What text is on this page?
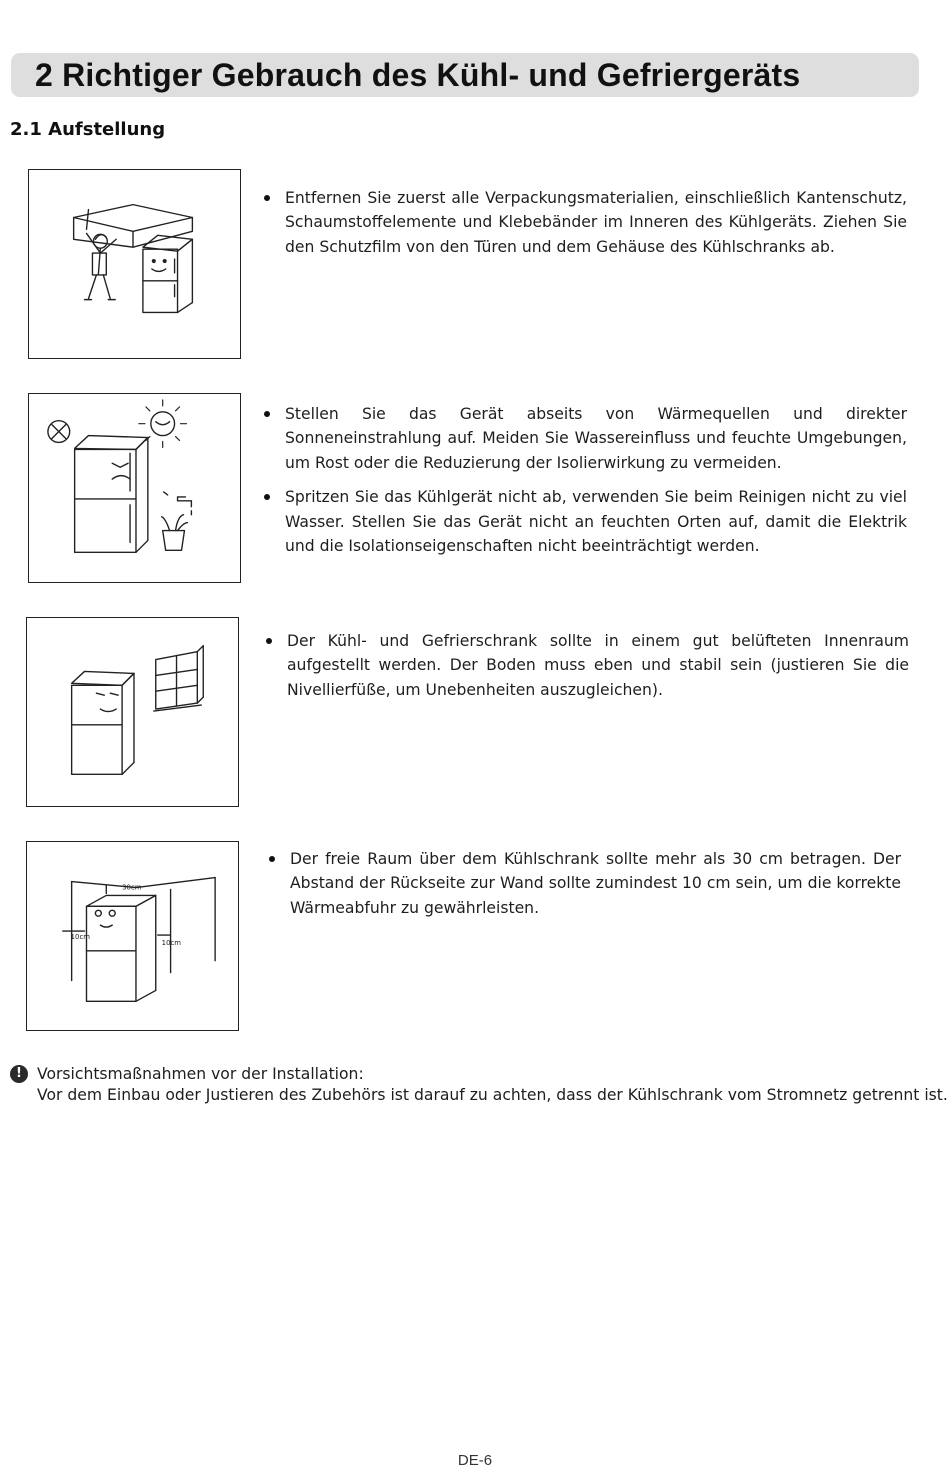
2 Richtiger Gebrauch des Kühl- und Gefriergeräts
2.1 Aufstellung
Entfernen Sie zuerst alle Verpackungsmaterialien, einschließlich Kantenschutz, Schaumstoffelemente und Klebebänder im Inneren des Kühlgeräts. Ziehen Sie den Schutzfilm von den Türen und dem Gehäuse des Kühlschranks ab.
Stellen Sie das Gerät abseits von Wärmequellen und direkter Sonneneinstrahlung auf. Meiden Sie Wassereinfluss und feuchte Umgebungen, um Rost oder die Reduzierung der Isolierwirkung zu vermeiden.
Spritzen Sie das Kühlgerät nicht ab, verwenden Sie beim Reinigen nicht zu viel Wasser. Stellen Sie das Gerät nicht an feuchten Orten auf, damit die Elektrik und die Isolationseigenschaften nicht beeinträchtigt werden.
Der Kühl- und Gefrierschrank sollte in einem gut belüfteten Innenraum aufgestellt werden. Der Boden muss eben und stabil sein (justieren Sie die Nivellierfüße, um Unebenheiten auszugleichen).
30cm
10cm
10cm
Der freie Raum über dem Kühlschrank sollte mehr als 30 cm betragen. Der Abstand der Rückseite zur Wand sollte zumindest 10 cm sein, um die korrekte Wärmeabfuhr zu gewährleisten.
! Vorsichtsmaßnahmen vor der Installation:
Vor dem Einbau oder Justieren des Zubehörs ist darauf zu achten, dass der Kühlschrank vom Stromnetz getrennt ist.
DE-6
